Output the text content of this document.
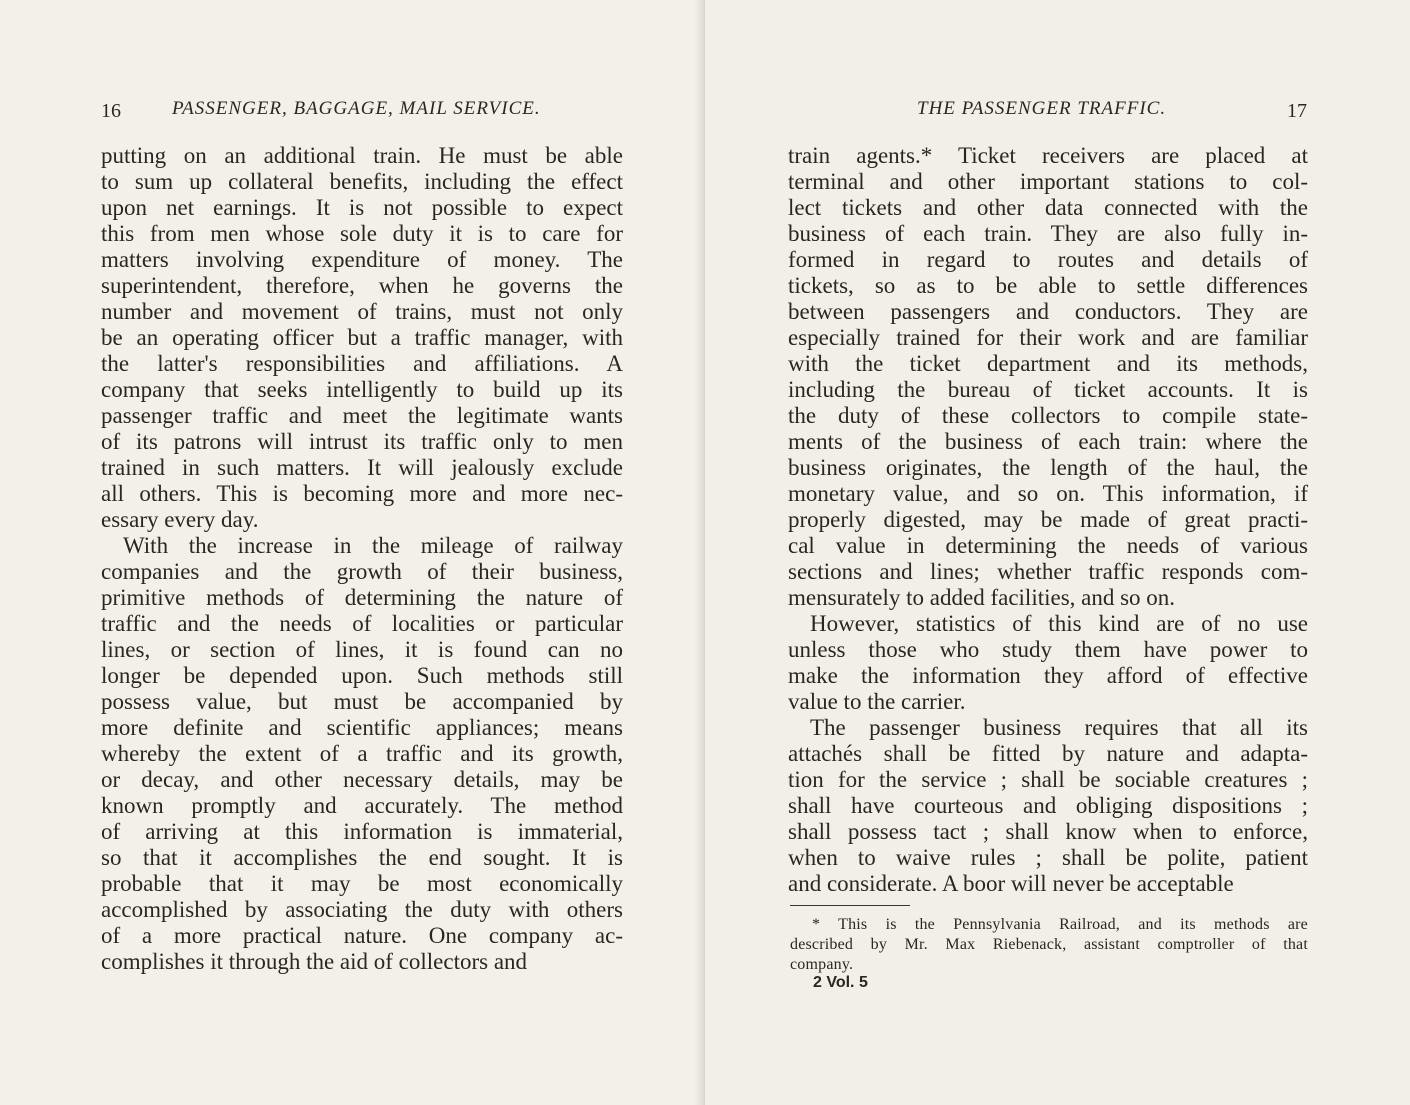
16	PASSENGER, BAGGAGE, MAIL SERVICE.
putting on an additional train. He must be able
to sum up collateral benefits, including the effect
upon net earnings. It is not possible to expect
this from men whose sole duty it is to care for
matters involving expenditure of money. The
superintendent, therefore, when he governs the
number and movement of trains, must not only
be an operating officer but a traffic manager, with
the latter's responsibilities and affiliations. A
company that seeks intelligently to build up its
passenger traffic and meet the legitimate wants
of its patrons will intrust its traffic only to men
trained in such matters. It will jealously exclude
all others. This is becoming more and more nec-
essary every day.
With the increase in the mileage of railway
companies and the growth of their business,
primitive methods of determining the nature of
traffic and the needs of localities or particular
lines, or section of lines, it is found can no
longer be depended upon. Such methods still
possess value, but must be accompanied by
more definite and scientific appliances; means
whereby the extent of a traffic and its growth,
or decay, and other necessary details, may be
known promptly and accurately. The method
of arriving at this information is immaterial,
so that it accomplishes the end sought. It is
probable that it may be most economically
accomplished by associating the duty with others
of a more practical nature. One company ac-
complishes it through the aid of collectors and
THE PASSENGER TRAFFIC.	17
train agents.* Ticket receivers are placed at
terminal and other important stations to col-
lect tickets and other data connected with the
business of each train. They are also fully in-
formed in regard to routes and details of
tickets, so as to be able to settle differences
between passengers and conductors. They are
especially trained for their work and are familiar
with the ticket department and its methods,
including the bureau of ticket accounts. It is
the duty of these collectors to compile state-
ments of the business of each train: where the
business originates, the length of the haul, the
monetary value, and so on. This information, if
properly digested, may be made of great practi-
cal value in determining the needs of various
sections and lines; whether traffic responds com-
mensurately to added facilities, and so on.
However, statistics of this kind are of no use
unless those who study them have power to
make the information they afford of effective
value to the carrier.
The passenger business requires that all its
attachés shall be fitted by nature and adapta-
tion for the service ; shall be sociable creatures ;
shall have courteous and obliging dispositions ;
shall possess tact ; shall know when to enforce,
when to waive rules ; shall be polite, patient
and considerate. A boor will never be acceptable
* This is the Pennsylvania Railroad, and its methods are
described by Mr. Max Riebenack, assistant comptroller of that
company.
2 Vol. 5
